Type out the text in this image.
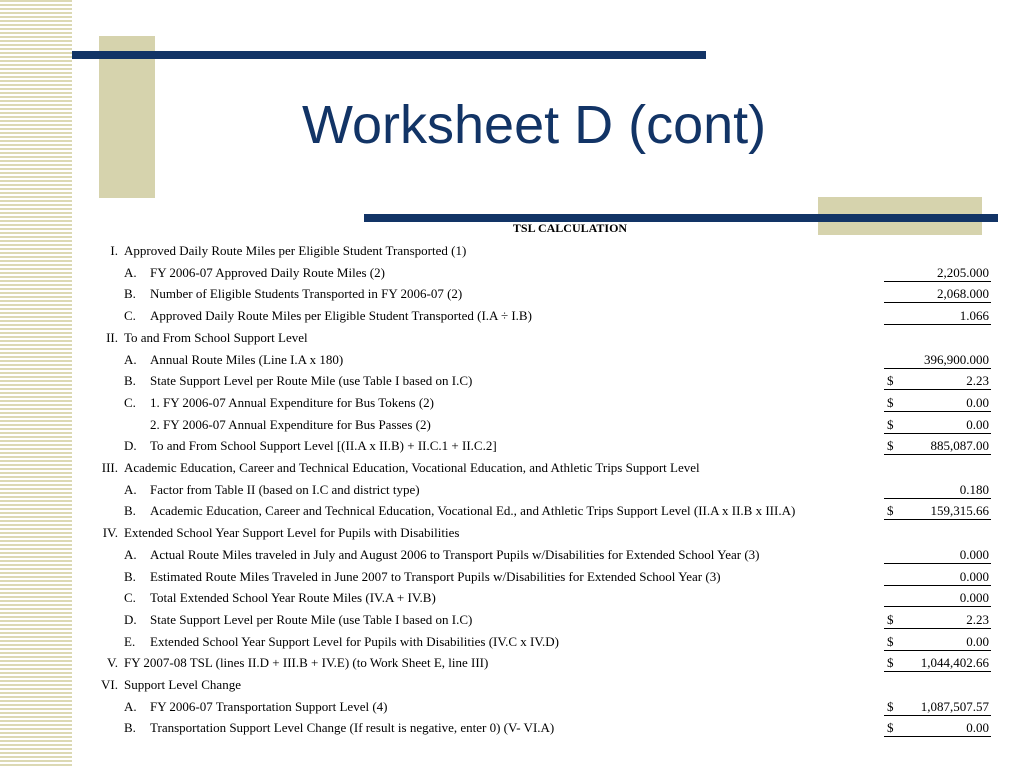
Worksheet D (cont)
TSL CALCULATION
I. Approved Daily Route Miles per Eligible Student Transported (1)
A.	FY 2006-07 Approved Daily Route Miles (2)	2,205.000
B.	Number of Eligible Students Transported in FY 2006-07 (2)	2,068.000
C.	Approved Daily Route Miles per Eligible Student Transported (I.A ÷ I.B)	1.066
II. To and From School Support Level
A.	Annual Route Miles (Line I.A x 180)	396,900.000
B.	State Support Level per Route Mile (use Table I based on I.C)	$	2.23
C.	1. FY 2006-07 Annual Expenditure for Bus Tokens (2)	$	0.00
2. FY 2006-07 Annual Expenditure for Bus Passes (2)	$	0.00
D.	To and From School Support Level [(II.A x II.B) + II.C.1 + II.C.2]	$	885,087.00
III. Academic Education, Career and Technical Education, Vocational Education, and Athletic Trips Support Level
A.	Factor from Table II (based on I.C and district type)	0.180
B.	Academic Education, Career and Technical Education, Vocational Ed., and Athletic Trips Support Level (II.A x II.B x III.A)	$	159,315.66
IV. Extended School Year Support Level for Pupils with Disabilities
A.	Actual Route Miles traveled in July and August 2006 to Transport Pupils w/Disabilities for Extended School Year (3)	0.000
B.	Estimated Route Miles Traveled in June 2007 to Transport Pupils w/Disabilities for Extended School Year (3)	0.000
C.	Total Extended School Year Route Miles (IV.A + IV.B)	0.000
D.	State Support Level per Route Mile (use Table I based on I.C)	$	2.23
E.	Extended School Year Support Level for Pupils with Disabilities (IV.C x IV.D)	$	0.00
V. FY 2007-08 TSL (lines II.D + III.B + IV.E) (to Work Sheet E, line III)	$ 1,044,402.66
VI. Support Level Change
A.	FY 2006-07 Transportation Support Level (4)	$ 1,087,507.57
B.	Transportation Support Level Change (If result is negative, enter 0) (V- VI.A)	$	0.00
